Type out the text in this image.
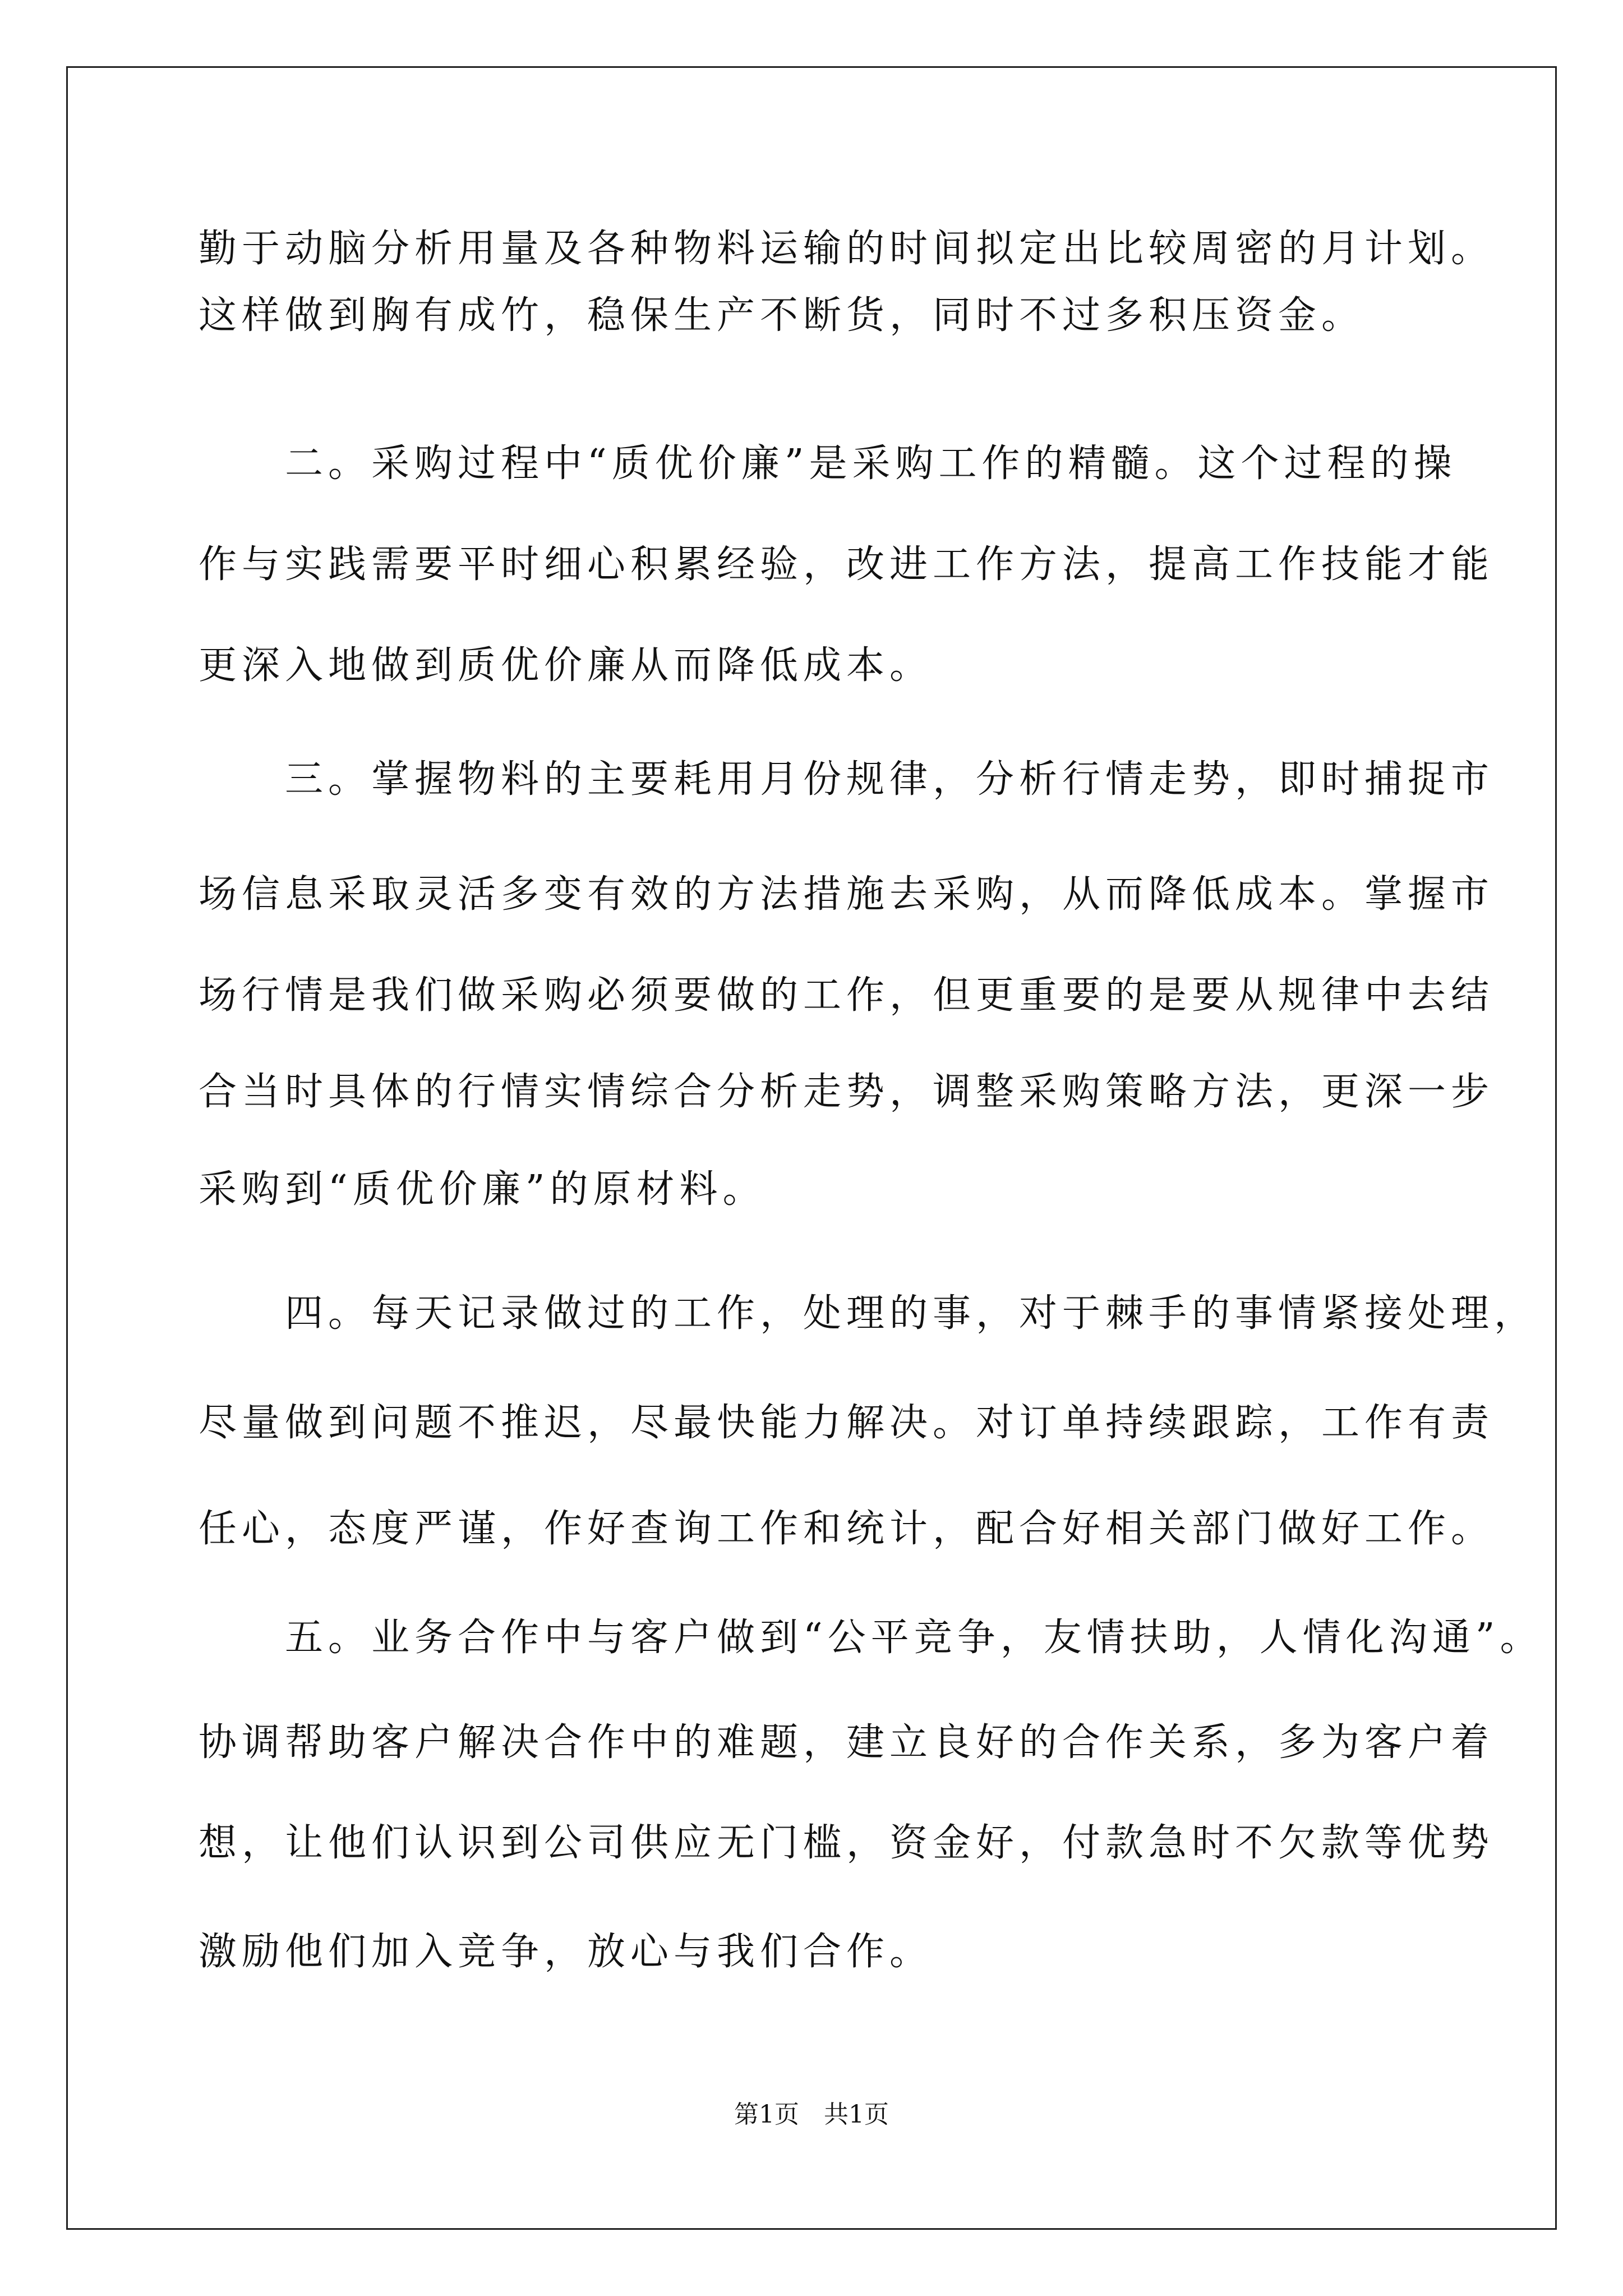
勤于动脑分析用量及各种物料运输的时间拟定出比较周密的月计划。
这样做到胸有成竹，稳保生产不断货，同时不过多积压资金。
　　二。采购过程中“质优价廉”是采购工作的精髓。这个过程的操
作与实践需要平时细心积累经验，改进工作方法，提高工作技能才能
更深入地做到质优价廉从而降低成本。
　　三。掌握物料的主要耗用月份规律，分析行情走势，即时捕捉市
场信息采取灵活多变有效的方法措施去采购，从而降低成本。掌握市
场行情是我们做采购必须要做的工作，但更重要的是要从规律中去结
合当时具体的行情实情综合分析走势，调整采购策略方法，更深一步
采购到“质优价廉”的原材料。
　　四。每天记录做过的工作，处理的事，对于棘手的事情紧接处理，
尽量做到问题不推迟，尽最快能力解决。对订单持续跟踪，工作有责
任心，态度严谨，作好查询工作和统计，配合好相关部门做好工作。
　　五。业务合作中与客户做到“公平竞争，友情扶助，人情化沟通”。
协调帮助客户解决合作中的难题，建立良好的合作关系，多为客户着
想，让他们认识到公司供应无门槛，资金好，付款急时不欠款等优势
激励他们加入竞争，放心与我们合作。
第1页　共1页
